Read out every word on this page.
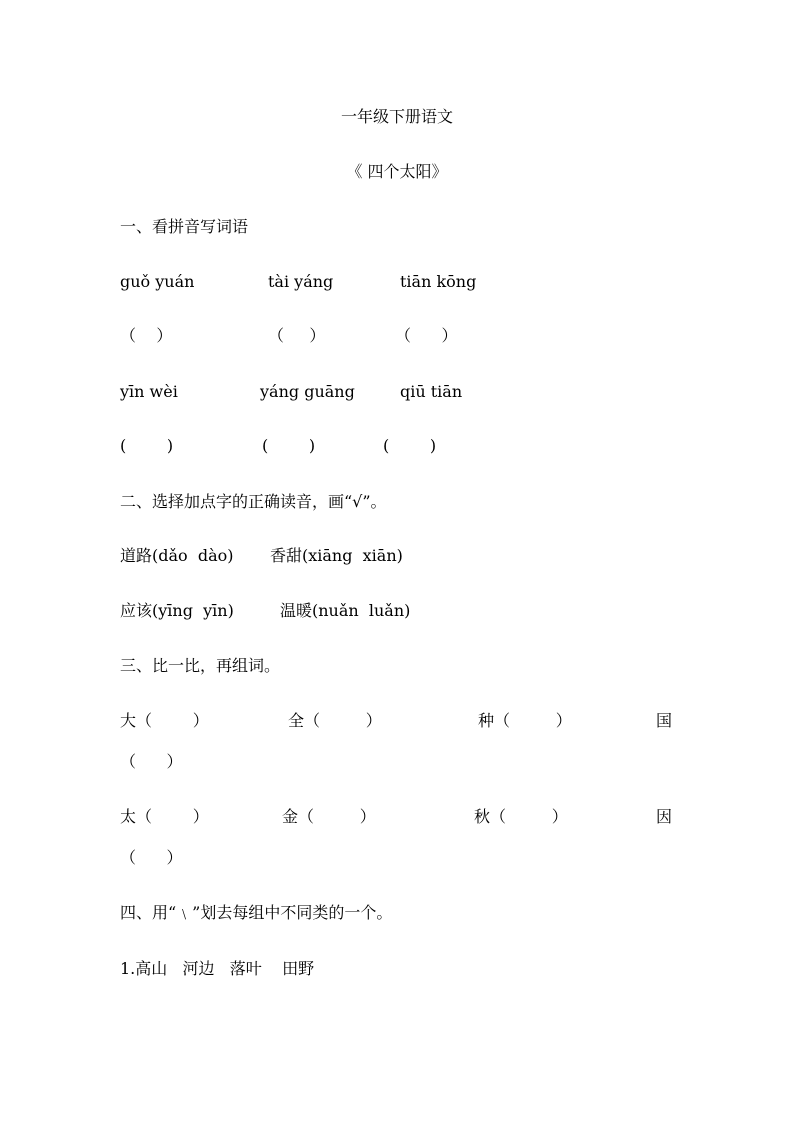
一年级下册语文
《 四个太阳》
一、看拼音写词语
guǒ yuán	tài yáng	tiān kōng
（    ）	（     ）	（      ）
yīn wèi	yáng guāng	qiū tiān
(        )	(        )	(        )
二、选择加点字的正确读音，画“√”。
道路(dǎo  dào) 香甜(xiāng  xiān)
应该(yīng  yīn)	温暖(nuǎn  luǎn)
三、比一比，再组词。
大（        ）	全（         ）	种（         ）	国
（      ）
太（        ）	金（         ）	秋（         ）	因
（      ）
四、用“﹨”划去每组中不同类的一个。
1.高山   河边   落叶    田野
